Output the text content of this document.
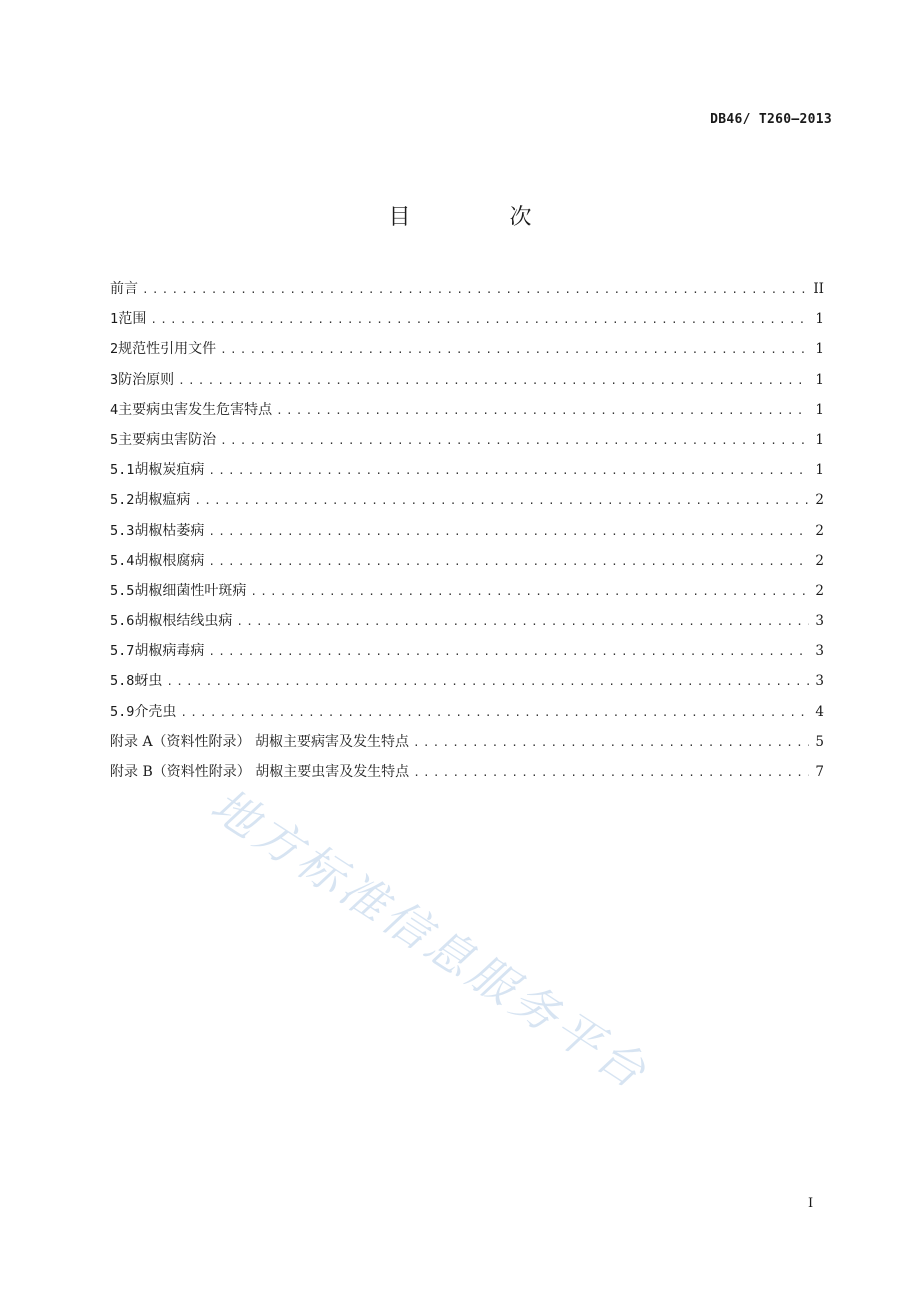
DB46/ T260—2013
目 次
前言 .....	II
1 范围 .....	1
2 规范性引用文件 .....	1
3 防治原则 .....	1
4 主要病虫害发生危害特点 .....	1
5 主要病虫害防治 .....	1
5.1 胡椒炭疽病 .....	1
5.2 胡椒瘟病 .....	2
5.3 胡椒枯萎病 .....	2
5.4 胡椒根腐病 .....	2
5.5 胡椒细菌性叶斑病 .....	2
5.6 胡椒根结线虫病 .....	3
5.7 胡椒病毒病 .....	3
5.8 蚜虫 .....	3
5.9 介壳虫 .....	4
附录 A（资料性附录） 胡椒主要病害及发生特点 .....	5
附录 B（资料性附录） 胡椒主要虫害及发生特点 .....	7
地方标准信息服务平台
I
